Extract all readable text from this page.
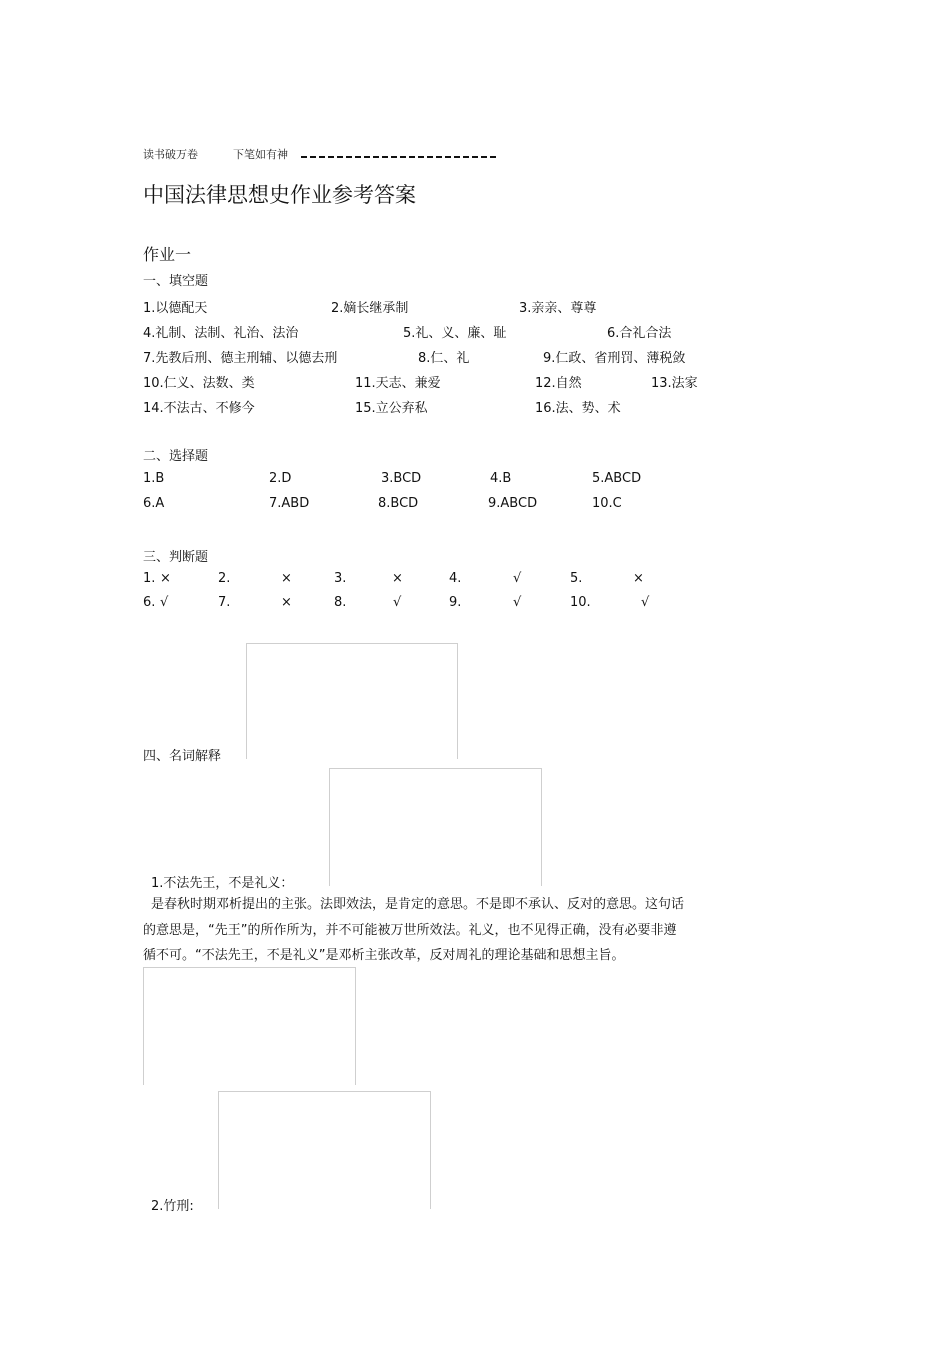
读书破万卷	下笔如有神
中国法律思想史作业参考答案
作业一
一、填空题
1.以德配天	2.嫡长继承制	3.亲亲、尊尊
4.礼制、法制、礼治、法治	5.礼、义、廉、耻	6.合礼合法
7.先教后刑、德主刑辅、以德去刑	8.仁、礼	9.仁政、省刑罚、薄税敛
10.仁义、法数、类	11.天志、兼爱	12.自然	13.法家
14.不法古、不修今	15.立公弃私	16.法、势、术
二、选择题
1.B	2.D	3.BCD	4.B	5.ABCD
6.A	7.ABD	8.BCD	9.ABCD	10.C
三、判断题
1. ×	2.	×	3.	×	4.	√	5.	×
6. √	7.	×	8.	√	9.	√	10.	√
四、名词解释
1.不法先王，不是礼义：
是春秋时期邓析提出的主张。法即效法，是肯定的意思。不是即不承认、反对的意思。这句话
的意思是，“先王”的所作所为，并不可能被万世所效法。礼义，也不见得正确，没有必要非遵
循不可。“不法先王，不是礼义”是邓析主张改革，反对周礼的理论基础和思想主旨。
2.竹刑:
